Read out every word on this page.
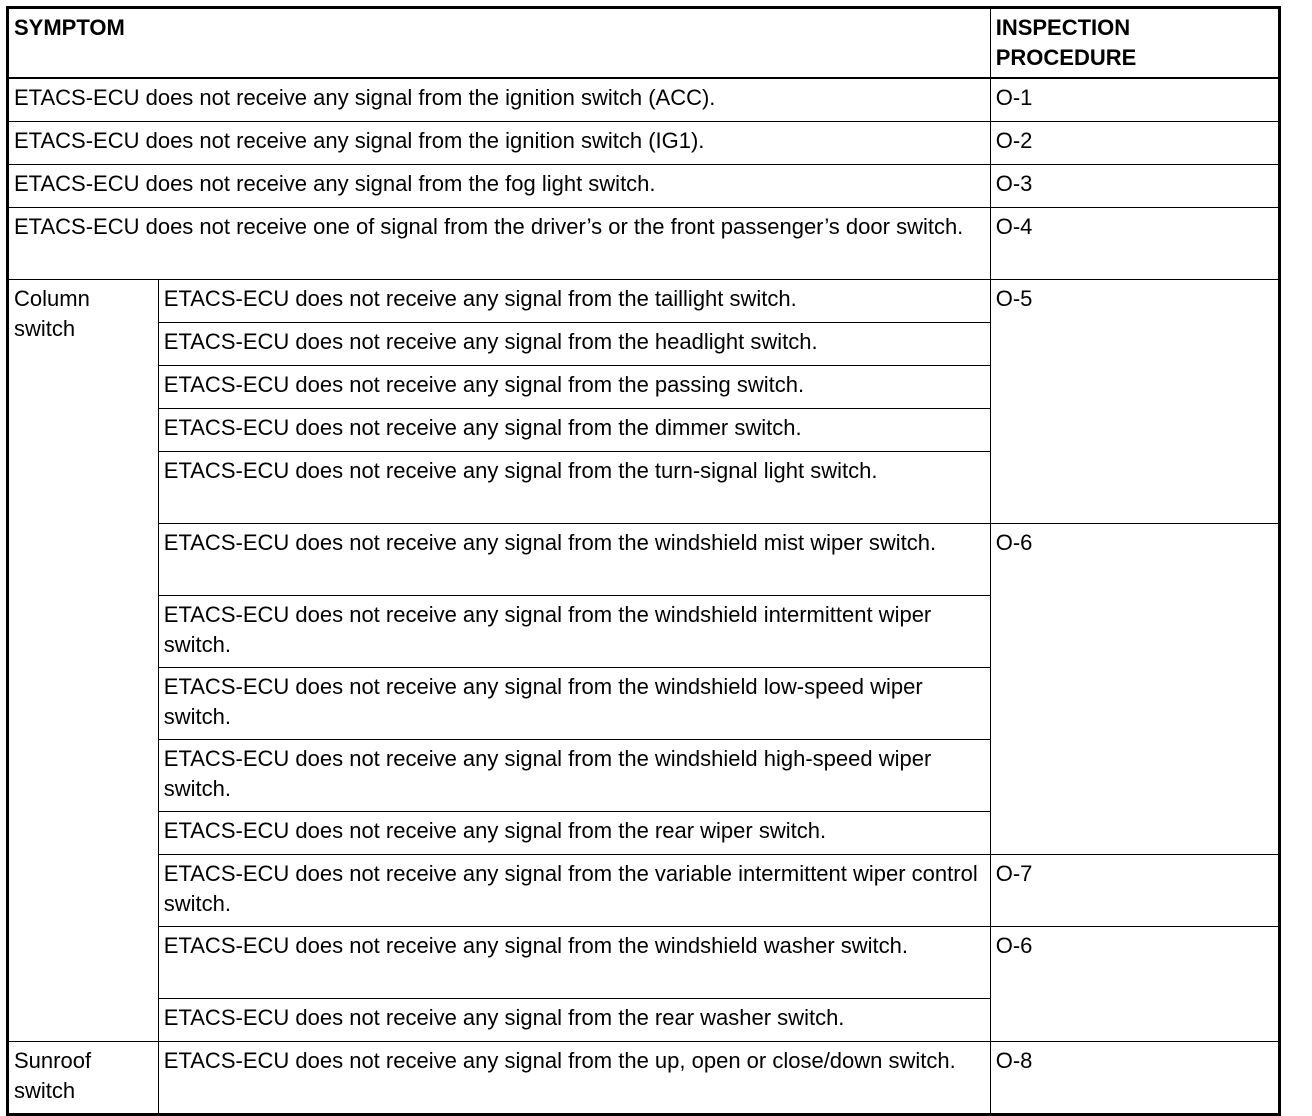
SYMPTOM		INSPECTION PROCEDURE
ETACS-ECU does not receive any signal from the ignition switch (ACC).		O-1
ETACS-ECU does not receive any signal from the ignition switch (IG1).		O-2
ETACS-ECU does not receive any signal from the fog light switch.		O-3
ETACS-ECU does not receive one of signal from the driver’s or the front passenger’s door switch.		O-4
Column switch	ETACS-ECU does not receive any signal from the taillight switch.	O-5
	ETACS-ECU does not receive any signal from the headlight switch.	
	ETACS-ECU does not receive any signal from the passing switch.	
	ETACS-ECU does not receive any signal from the dimmer switch.	
	ETACS-ECU does not receive any signal from the turn-signal light switch.	
	ETACS-ECU does not receive any signal from the windshield mist wiper switch.	O-6
	ETACS-ECU does not receive any signal from the windshield intermittent wiper switch.	
	ETACS-ECU does not receive any signal from the windshield low-speed wiper switch.	
	ETACS-ECU does not receive any signal from the windshield high-speed wiper switch.	
	ETACS-ECU does not receive any signal from the rear wiper switch.	
	ETACS-ECU does not receive any signal from the variable intermittent wiper control switch.	O-7
	ETACS-ECU does not receive any signal from the windshield washer switch.	O-6
	ETACS-ECU does not receive any signal from the rear washer switch.	
Sunroof switch	ETACS-ECU does not receive any signal from the up, open or close/down switch.	O-8
